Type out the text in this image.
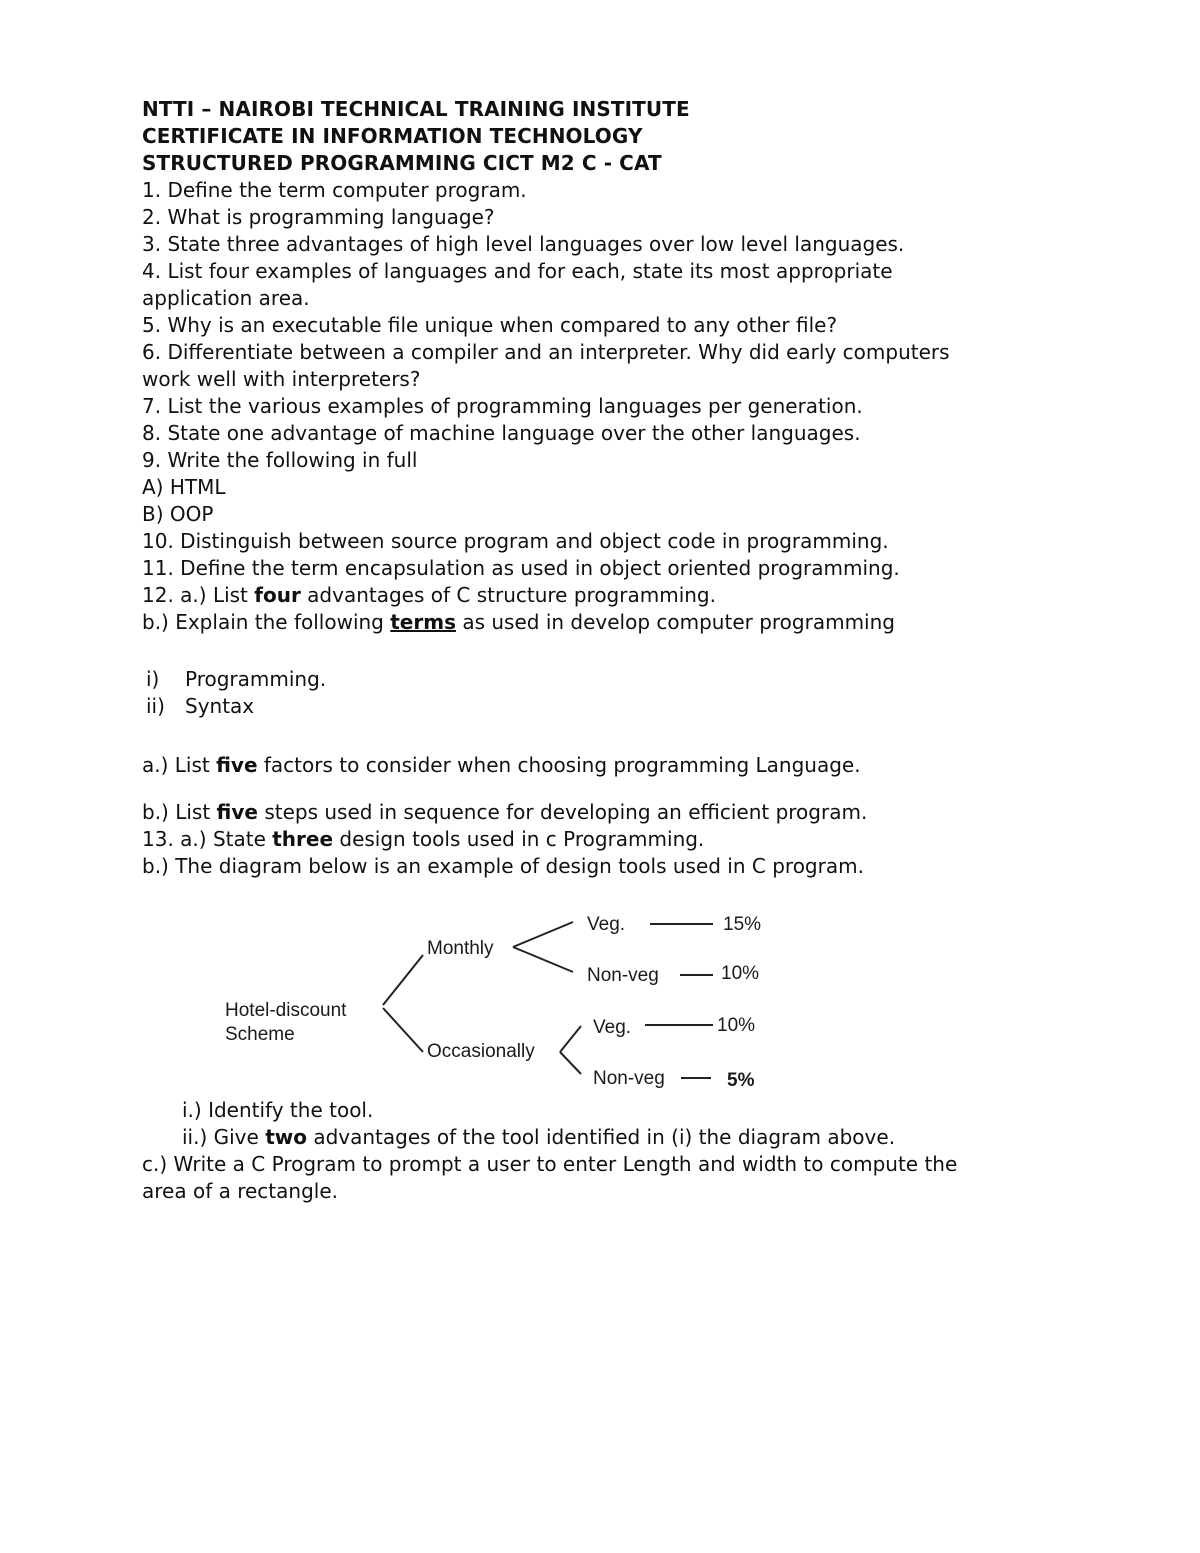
NTTI – NAIROBI TECHNICAL TRAINING INSTITUTE
CERTIFICATE IN INFORMATION TECHNOLOGY
STRUCTURED PROGRAMMING CICT M2 C - CAT
1. Define the term computer program.
2. What is programming language?
3. State three advantages of high level languages over low level languages.
4. List four examples of languages and for each, state its most appropriate
application area.
5. Why is an executable file unique when compared to any other file?
6. Differentiate between a compiler and an interpreter. Why did early computers
work well with interpreters?
7. List the various examples of programming languages per generation.
8. State one advantage of machine language over the other languages.
9. Write the following in full
A) HTML
B) OOP
10. Distinguish between source program and object code in programming.
11. Define the term encapsulation as used in object oriented programming.
12. a.) List four advantages of C structure programming.
b.) Explain the following terms as used in develop computer programming
i) Programming.
ii) Syntax
a.) List five factors to consider when choosing programming Language.
b.) List five steps used in sequence for developing an efficient program.
13. a.) State three design tools used in c Programming.
b.) The diagram below is an example of design tools used in C program.
Hotel-discount
Scheme
Monthly
Occasionally
Veg.	15%
Non-veg	10%
Veg.	10%
Non-veg	5%
i.) Identify the tool.
ii.) Give two advantages of the tool identified in (i) the diagram above.
c.) Write a C Program to prompt a user to enter Length and width to compute the
area of a rectangle.
